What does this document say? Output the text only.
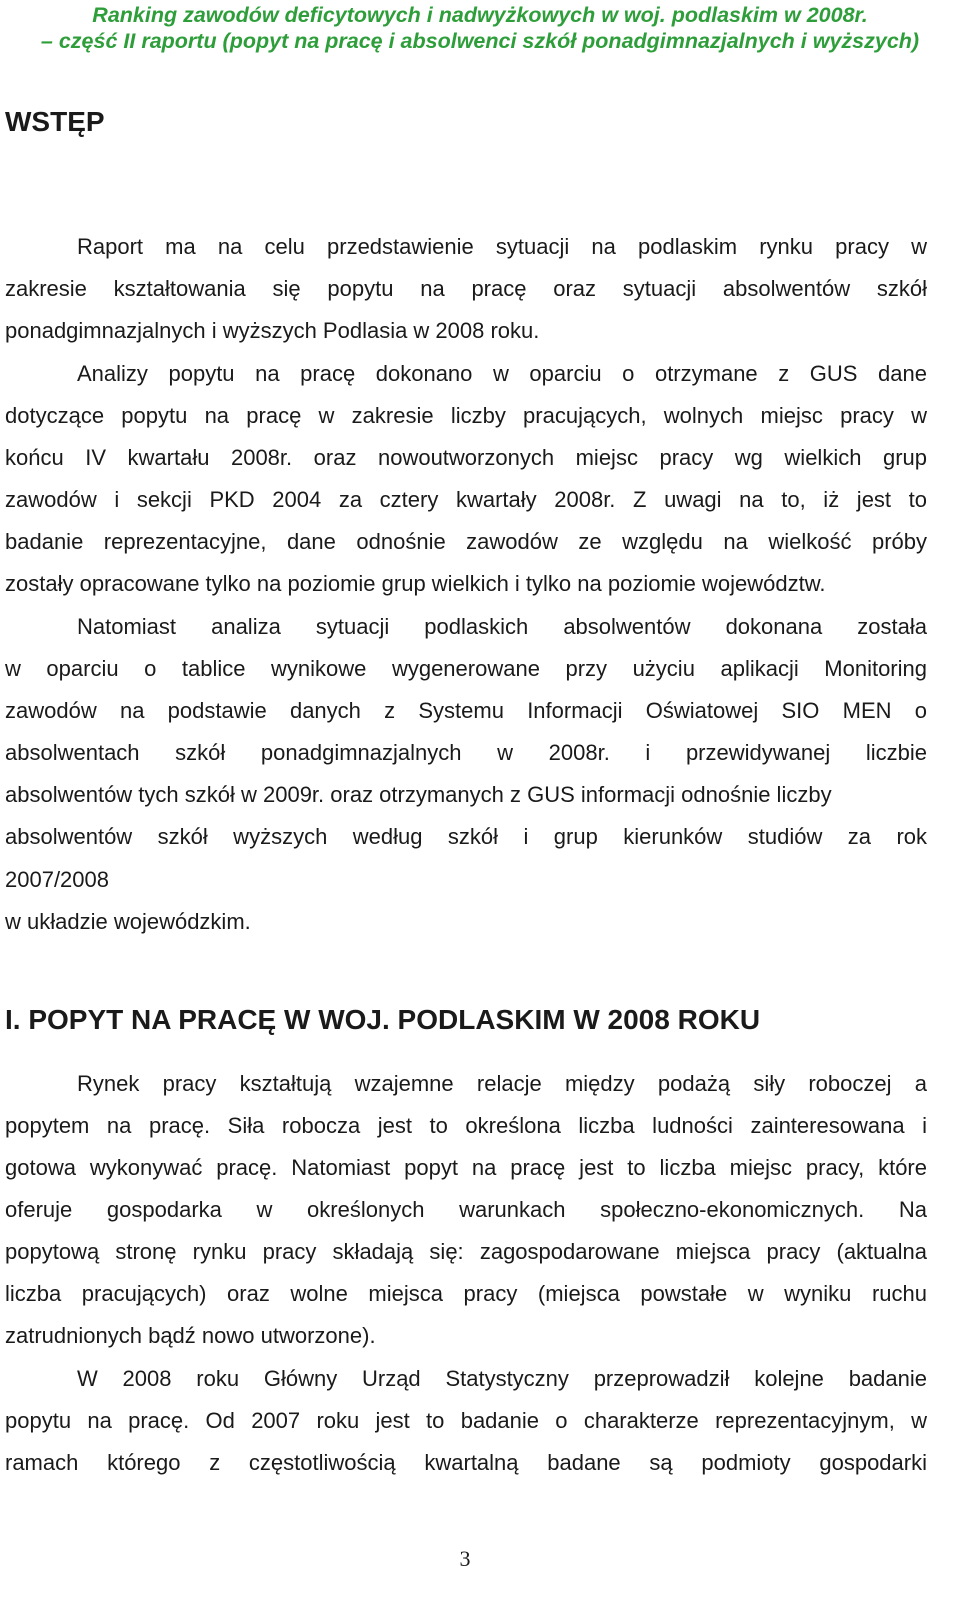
Ranking zawodów deficytowych i nadwyżkowych w woj. podlaskim w 2008r.
– część II raportu (popyt na pracę i absolwenci szkół ponadgimnazjalnych i wyższych)
WSTĘP
Raport ma na celu przedstawienie sytuacji na podlaskim rynku pracy w
zakresie kształtowania się popytu na pracę oraz sytuacji absolwentów szkół
ponadgimnazjalnych i wyższych Podlasia w 2008 roku.
Analizy popytu na pracę dokonano w oparciu o otrzymane z GUS dane
dotyczące popytu na pracę w zakresie liczby pracujących, wolnych miejsc pracy w
końcu IV kwartału 2008r. oraz nowoutworzonych miejsc pracy wg wielkich grup
zawodów i sekcji PKD 2004 za cztery kwartały 2008r. Z uwagi na to, iż jest to
badanie reprezentacyjne, dane odnośnie zawodów ze względu na wielkość próby
zostały opracowane tylko na poziomie grup wielkich i tylko na poziomie województw.
Natomiast analiza sytuacji podlaskich absolwentów dokonana została
w oparciu o tablice wynikowe wygenerowane przy użyciu aplikacji Monitoring
zawodów na podstawie danych z Systemu Informacji Oświatowej SIO MEN o
absolwentach szkół ponadgimnazjalnych w 2008r. i przewidywanej liczbie
absolwentów tych szkół w 2009r. oraz otrzymanych z GUS informacji odnośnie liczby
absolwentów szkół wyższych według szkół i grup kierunków studiów za rok
2007/2008
w układzie wojewódzkim.
I. POPYT NA PRACĘ W WOJ. PODLASKIM W 2008 ROKU
Rynek pracy kształtują wzajemne relacje między podażą siły roboczej a
popytem na pracę. Siła robocza jest to określona liczba ludności zainteresowana i
gotowa wykonywać pracę. Natomiast popyt na pracę jest to liczba miejsc pracy, które
oferuje gospodarka w określonych warunkach społeczno-ekonomicznych. Na
popytową stronę rynku pracy składają się: zagospodarowane miejsca pracy (aktualna
liczba pracujących) oraz wolne miejsca pracy (miejsca powstałe w wyniku ruchu
zatrudnionych bądź nowo utworzone).
W 2008 roku Główny Urząd Statystyczny przeprowadził kolejne badanie
popytu na pracę. Od 2007 roku jest to badanie o charakterze reprezentacyjnym, w
ramach którego z częstotliwością kwartalną badane są podmioty gospodarki
3
